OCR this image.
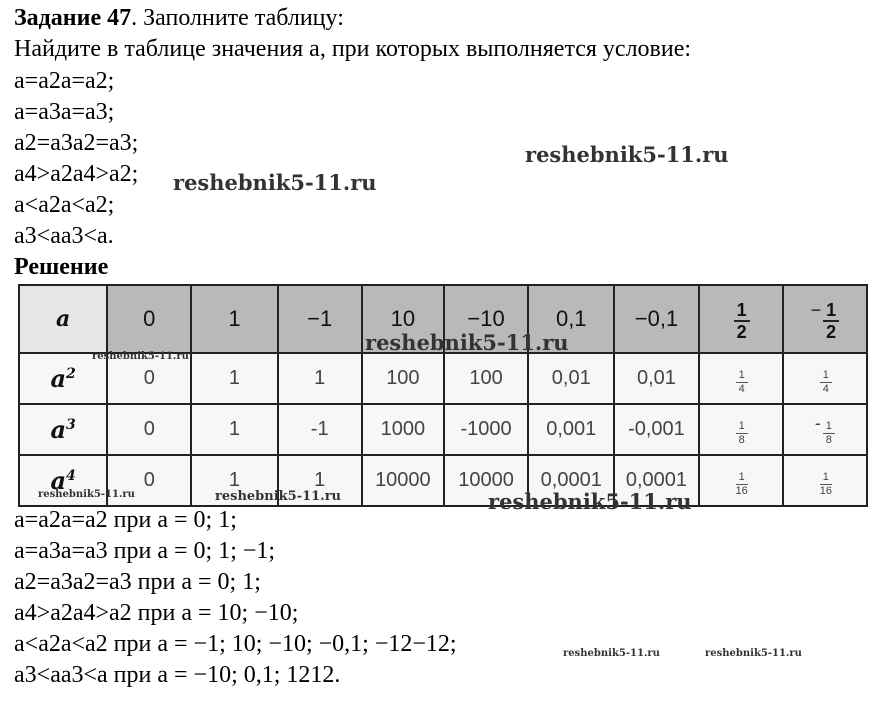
Задание 47. Заполните таблицу:
Найдите в таблице значения a, при которых выполняется условие:
a=a2a=a2;
a=a3a=a3;
a2=a3a2=a3;
a4>a2a4>a2;
a<a2a<a2;
a3<aa3<a.
Решение
a	0	1	−1	10	−10	0,1	−0,1	$\frac{1}{2}$	− $\frac{1}{2}$

$a^2$	0	1	1	100	100	0,01	0,01	$\frac{1}{4}$	$\frac{1}{4}$

$a^3$	0	1	-1	1000	-1000	0,001	-0,001	$\frac{1}{8}$	- $\frac{1}{8}$

$a^4$	0	1	1	10000	10000	0,0001	0,0001	$\frac{1}{16}$	$\frac{1}{16}$
a=a2a=a2 при a = 0; 1;
a=a3a=a3 при a = 0; 1; −1;
a2=a3a2=a3 при a = 0; 1;
a4>a2a4>a2 при a = 10; −10;
a<a2a<a2 при a = −1; 10; −10; −0,1; −12−12;
a3<aa3<a при a = −10; 0,1; 1212.
reshebnik5-11.ru
reshebnik5-11.ru
reshebnik5-11.ru
reshebnik5-11.ru
reshebnik5-11.ru	reshebnik5-11.ru	reshebnik5-11.ru
reshebnik5-11.ru	reshebnik5-11.ru
